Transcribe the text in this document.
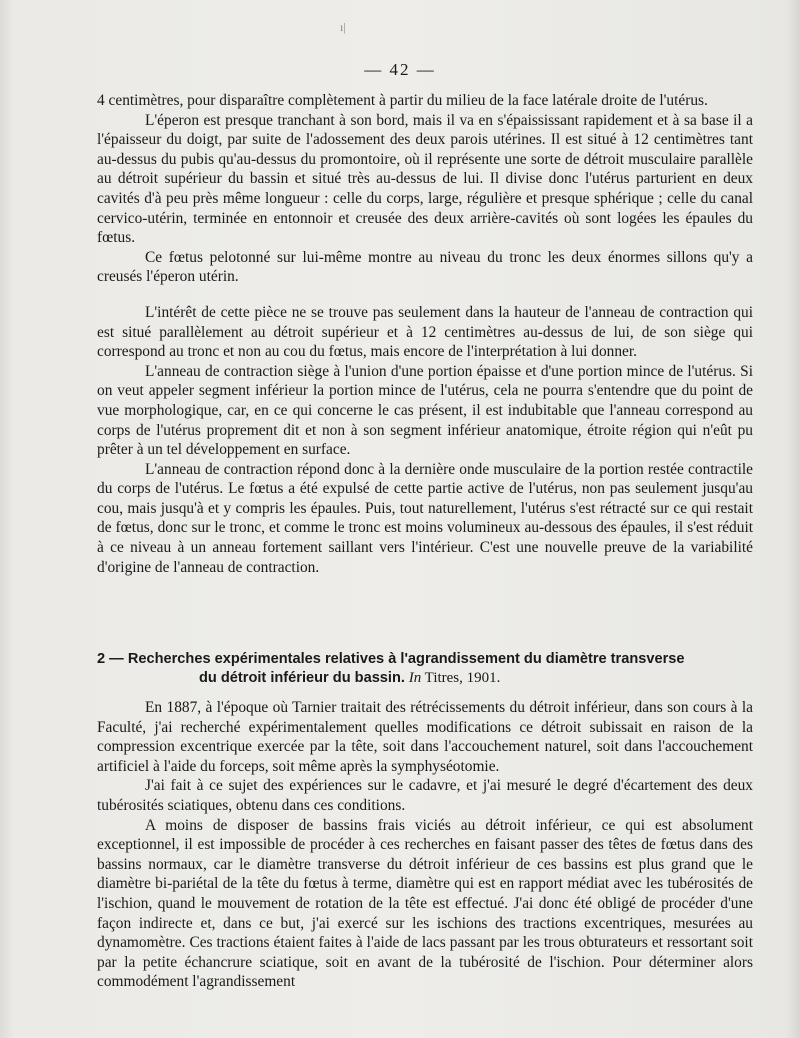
ı|
— 42 —

4 centimètres, pour disparaître complètement à partir du milieu de la face latérale droite de l'utérus.

L'éperon est presque tranchant à son bord, mais il va en s'épaississant rapidement et à sa base il a l'épaisseur du doigt, par suite de l'adossement des deux parois utérines. Il est situé à 12 centimètres tant au-dessus du pubis qu'au-dessus du promontoire, où il représente une sorte de détroit musculaire parallèle au détroit supérieur du bassin et situé très au-dessus de lui. Il divise donc l'utérus parturient en deux cavités d'à peu près même longueur : celle du corps, large, régulière et presque sphérique ; celle du canal cervico-utérin, terminée en entonnoir et creusée des deux arrière-cavités où sont logées les épaules du fœtus.

Ce fœtus pelotonné sur lui-même montre au niveau du tronc les deux énormes sillons qu'y a creusés l'éperon utérin.

L'intérêt de cette pièce ne se trouve pas seulement dans la hauteur de l'anneau de contraction qui est situé parallèlement au détroit supérieur et à 12 centimètres au-dessus de lui, de son siège qui correspond au tronc et non au cou du fœtus, mais encore de l'interprétation à lui donner.

L'anneau de contraction siège à l'union d'une portion épaisse et d'une portion mince de l'utérus. Si on veut appeler segment inférieur la portion mince de l'utérus, cela ne pourra s'entendre que du point de vue morphologique, car, en ce qui concerne le cas présent, il est indubitable que l'anneau correspond au corps de l'utérus proprement dit et non à son segment inférieur anatomique, étroite région qui n'eût pu prêter à un tel développement en surface.

L'anneau de contraction répond donc à la dernière onde musculaire de la portion restée contractile du corps de l'utérus. Le fœtus a été expulsé de cette partie active de l'utérus, non pas seulement jusqu'au cou, mais jusqu'à et y compris les épaules. Puis, tout naturellement, l'utérus s'est rétracté sur ce qui restait de fœtus, donc sur le tronc, et comme le tronc est moins volumineux au-dessous des épaules, il s'est réduit à ce niveau à un anneau fortement saillant vers l'intérieur. C'est une nouvelle preuve de la variabilité d'origine de l'anneau de contraction.

2 — Recherches expérimentales relatives à l'agrandissement du diamètre transverse
du détroit inférieur du bassin. In Titres, 1901.

En 1887, à l'époque où Tarnier traitait des rétrécissements du détroit inférieur, dans son cours à la Faculté, j'ai recherché expérimentalement quelles modifications ce détroit subissait en raison de la compression excentrique exercée par la tête, soit dans l'accouchement naturel, soit dans l'accouchement artificiel à l'aide du forceps, soit même après la symphyséotomie.

J'ai fait à ce sujet des expériences sur le cadavre, et j'ai mesuré le degré d'écartement des deux tubérosités sciatiques, obtenu dans ces conditions.

A moins de disposer de bassins frais viciés au détroit inférieur, ce qui est absolument exceptionnel, il est impossible de procéder à ces recherches en faisant passer des têtes de fœtus dans des bassins normaux, car le diamètre transverse du détroit inférieur de ces bassins est plus grand que le diamètre bi-pariétal de la tête du fœtus à terme, diamètre qui est en rapport médiat avec les tubérosités de l'ischion, quand le mouvement de rotation de la tête est effectué. J'ai donc été obligé de procéder d'une façon indirecte et, dans ce but, j'ai exercé sur les ischions des tractions excentriques, mesurées au dynamomètre. Ces tractions étaient faites à l'aide de lacs passant par les trous obturateurs et ressortant soit par la petite échancrure sciatique, soit en avant de la tubérosité de l'ischion. Pour déterminer alors commodément l'agrandissement
